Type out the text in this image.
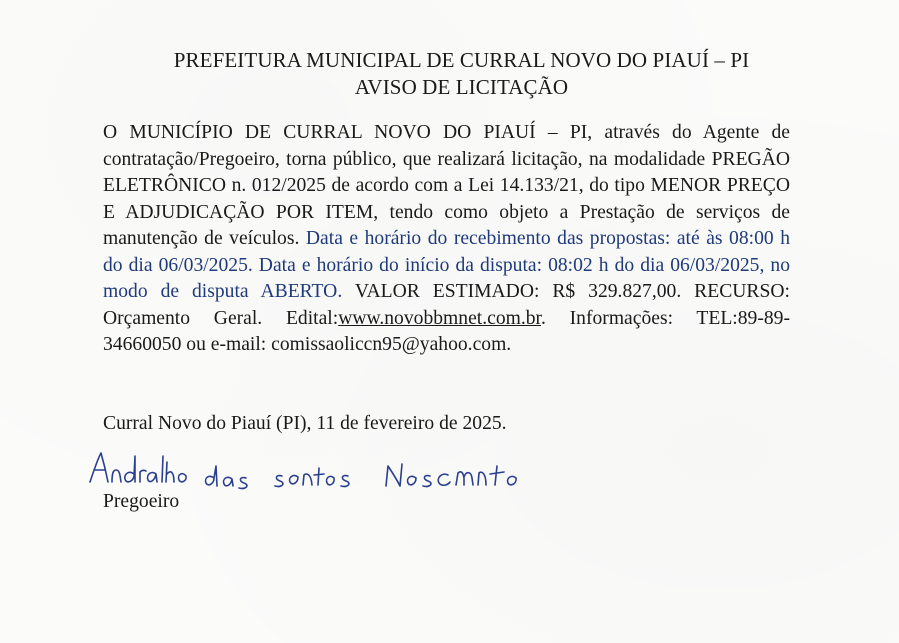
PREFEITURA MUNICIPAL DE CURRAL NOVO DO PIAUÍ – PI
AVISO DE LICITAÇÃO
O MUNICÍPIO DE CURRAL NOVO DO PIAUÍ – PI, através do Agente de contratação/Pregoeiro, torna público, que realizará licitação, na modalidade PREGÃO ELETRÔNICO n. 012/2025 de acordo com a Lei 14.133/21, do tipo MENOR PREÇO E ADJUDICAÇÃO POR ITEM, tendo como objeto a Prestação de serviços de manutenção de veículos. Data e horário do recebimento das propostas: até às 08:00 h do dia 06/03/2025. Data e horário do início da disputa: 08:02 h do dia 06/03/2025, no modo de disputa ABERTO. VALOR ESTIMADO: R$ 329.827,00. RECURSO: Orçamento Geral. Edital:www.novobbmnet.com.br. Informações: TEL:89-89-34660050 ou e-mail: comissaoliccn95@yahoo.com.
Curral Novo do Piauí (PI), 11 de fevereiro de 2025.
Pregoeiro
